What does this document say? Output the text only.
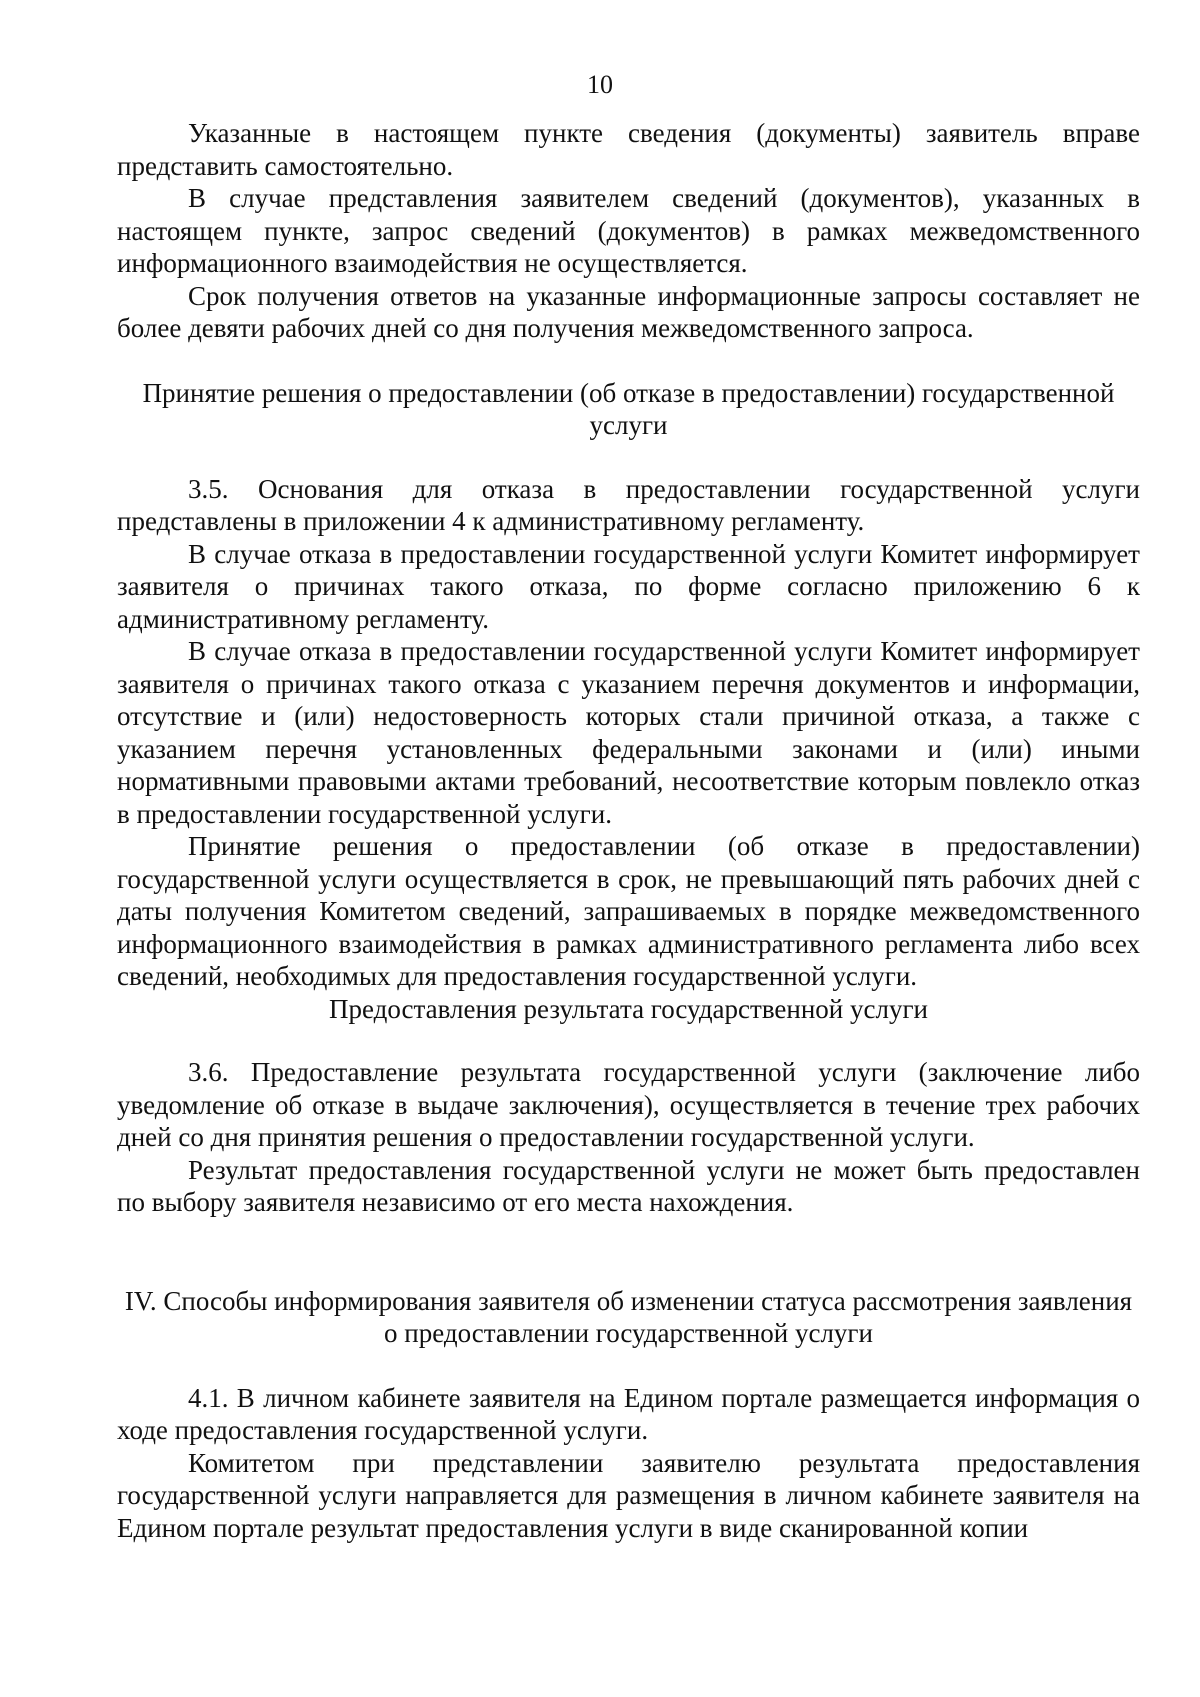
10

Указанные в настоящем пункте сведения (документы) заявитель вправе представить самостоятельно.

В случае представления заявителем сведений (документов), указанных в настоящем пункте, запрос сведений (документов) в рамках межведомственного информационного взаимодействия не осуществляется.

Срок получения ответов на указанные информационные запросы составляет не более девяти рабочих дней со дня получения межведомственного запроса.

Принятие решения о предоставлении (об отказе в предоставлении) государственной услуги

3.5. Основания для отказа в предоставлении государственной услуги представлены в приложении 4 к административному регламенту.

В случае отказа в предоставлении государственной услуги Комитет информирует заявителя о причинах такого отказа, по форме согласно приложению 6 к административному регламенту.

В случае отказа в предоставлении государственной услуги Комитет информирует заявителя о причинах такого отказа с указанием перечня документов и информации, отсутствие и (или) недостоверность которых стали причиной отказа, а также с указанием перечня установленных федеральными законами и (или) иными нормативными правовыми актами требований, несоответствие которым повлекло отказ в предоставлении государственной услуги.

Принятие решения о предоставлении (об отказе в предоставлении) государственной услуги осуществляется в срок, не превышающий пять рабочих дней с даты получения Комитетом сведений, запрашиваемых в порядке межведомственного информационного взаимодействия в рамках административного регламента либо всех сведений, необходимых для предоставления государственной услуги.

Предоставления результата государственной услуги

3.6. Предоставление результата государственной услуги (заключение либо уведомление об отказе в выдаче заключения), осуществляется в течение трех рабочих дней со дня принятия решения о предоставлении государственной услуги.

Результат предоставления государственной услуги не может быть предоставлен по выбору заявителя независимо от его места нахождения.

IV. Способы информирования заявителя об изменении статуса рассмотрения заявления о предоставлении государственной услуги

4.1. В личном кабинете заявителя на Едином портале размещается информация о ходе предоставления государственной услуги.

Комитетом при представлении заявителю результата предоставления государственной услуги направляется для размещения в личном кабинете заявителя на Едином портале результат предоставления услуги в виде сканированной копии
